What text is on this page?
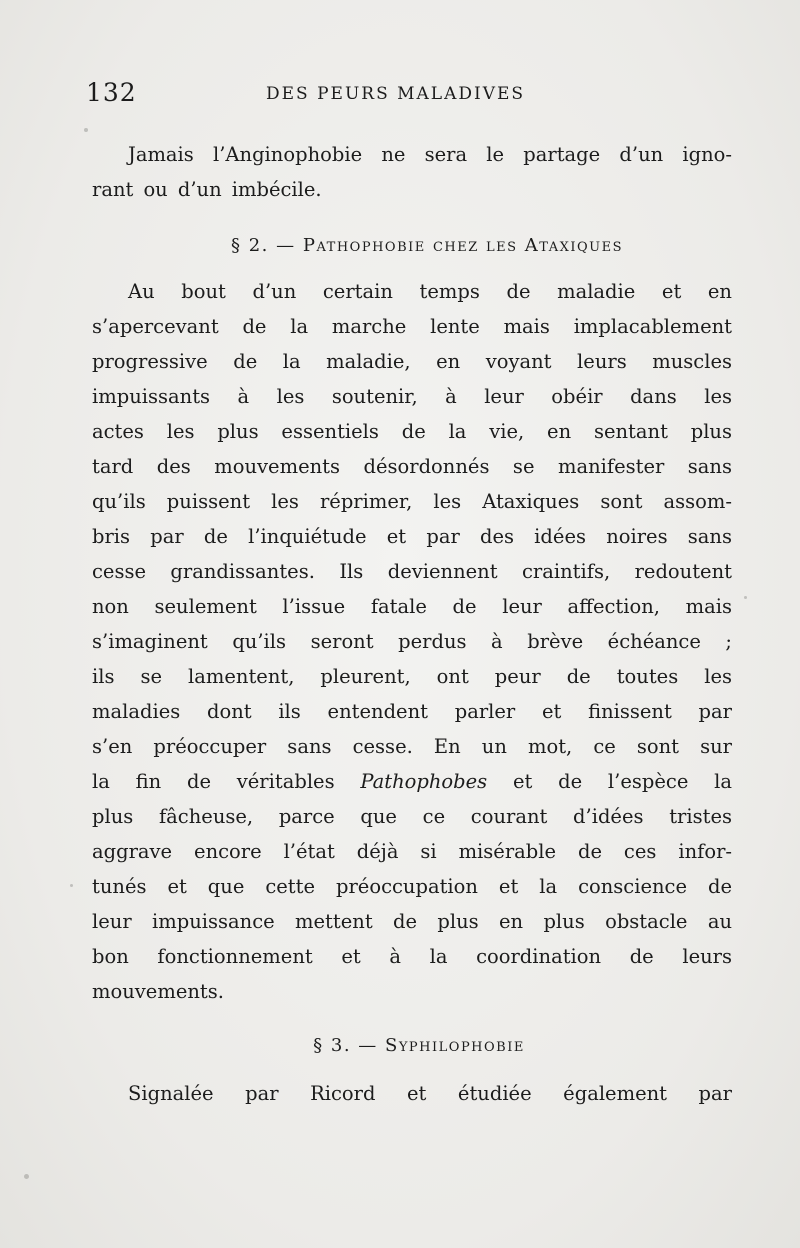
132	DES PEURS MALADIVES

Jamais l’Anginophobie ne sera le partage d’un igno-

rant ou d’un imbécile.

§ 2. — Pathophobie chez les Ataxiques

Au bout d’un certain temps de maladie et en

s’apercevant de la marche lente mais implacablement

progressive de la maladie, en voyant leurs muscles

impuissants à les soutenir, à leur obéir dans les

actes les plus essentiels de la vie, en sentant plus

tard des mouvements désordonnés se manifester sans

qu’ils puissent les réprimer, les Ataxiques sont assom-

bris par de l’inquiétude et par des idées noires sans

cesse grandissantes. Ils deviennent craintifs, redoutent

non seulement l’issue fatale de leur affection, mais

s’imaginent qu’ils seront perdus à brève échéance ;

ils se lamentent, pleurent, ont peur de toutes les

maladies dont ils entendent parler et finissent par

s’en préoccuper sans cesse. En un mot, ce sont sur

la fin de véritables Pathophobes et de l’espèce la

plus fâcheuse, parce que ce courant d’idées tristes

aggrave encore l’état déjà si misérable de ces infor-

tunés et que cette préoccupation et la conscience de

leur impuissance mettent de plus en plus obstacle au

bon fonctionnement et à la coordination de leurs

mouvements.

§ 3. — Syphilophobie

Signalée par Ricord et étudiée également par
